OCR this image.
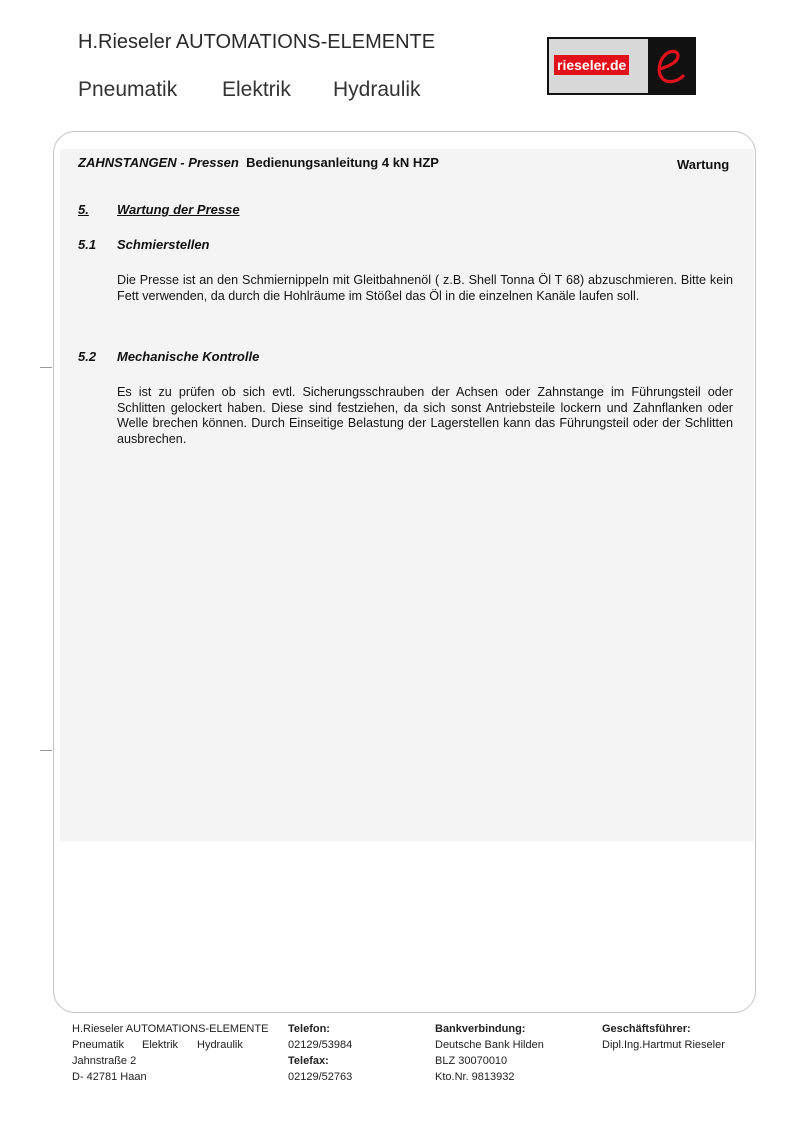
H.Rieseler AUTOMATIONS-ELEMENTE
Pneumatik Elektrik Hydraulik
rieseler.de
ZAHNSTANGEN - Pressen Bedienungsanleitung 4 kN HZP	Wartung
5. Wartung der Presse
5.1 Schmierstellen
Die Presse ist an den Schmiernippeln mit Gleitbahnenöl ( z.B. Shell Tonna Öl T 68) abzuschmieren. Bitte kein Fett verwenden, da durch die Hohlräume im Stößel das Öl in die einzelnen Kanäle laufen soll.
5.2 Mechanische Kontrolle
Es ist zu prüfen ob sich evtl. Sicherungsschrauben der Achsen oder Zahnstange im Führungsteil oder Schlitten gelockert haben. Diese sind festziehen, da sich sonst Antriebsteile lockern und Zahnflanken oder Welle brechen können. Durch Einseitige Belastung der Lagerstellen kann das Führungsteil oder der Schlitten ausbrechen.
H.Rieseler AUTOMATIONS-ELEMENTE
Pneumatik Elektrik Hydraulik
Jahnstraße 2
D- 42781 Haan
Telefon:
02129/53984
Telefax:
02129/52763
Bankverbindung:
Deutsche Bank Hilden
BLZ 30070010
Kto.Nr. 9813932
Geschäftsführer:
Dipl.Ing.Hartmut Rieseler
